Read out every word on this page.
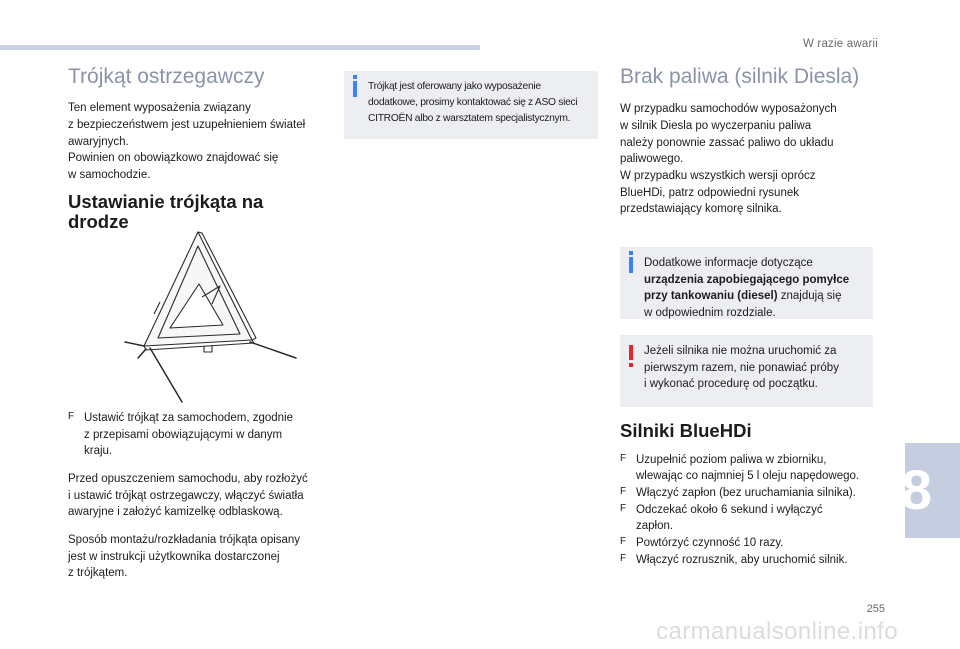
W razie awarii
8
255
carmanualsonline.info
Trójkąt ostrzegawczy

Ten element wyposażenia związany
z bezpieczeństwem jest uzupełnieniem świateł
awaryjnych.
Powinien on obowiązkowo znajdować się
w samochodzie.

Ustawianie trójkąta na
drodze
F Ustawić trójkąt za samochodem, zgodnie
z przepisami obowiązującymi w danym
kraju.

Przed opuszczeniem samochodu, aby rozłożyć
i ustawić trójkąt ostrzegawczy, włączyć światła
awaryjne i założyć kamizelkę odblaskową.

Sposób montażu/rozkładania trójkąta opisany
jest w instrukcji użytkownika dostarczonej
z trójkątem.

Trójkąt jest oferowany jako wyposażenie
dodatkowe, prosimy kontaktować się z ASO sieci
CITROËN albo z warsztatem specjalistycznym.
Brak paliwa (silnik Diesla)

W przypadku samochodów wyposażonych
w silnik Diesla po wyczerpaniu paliwa
należy ponownie zassać paliwo do układu
paliwowego.
W przypadku wszystkich wersji oprócz
BlueHDi, patrz odpowiedni rysunek
przedstawiający komorę silnika.

Dodatkowe informacje dotyczące
urządzenia zapobiegającego pomyłce
przy tankowaniu (diesel) znajdują się
w odpowiednim rozdziale.
Jeżeli silnika nie można uruchomić za
pierwszym razem, nie ponawiać próby
i wykonać procedurę od początku.
Silniki BlueHDi
F Uzupełnić poziom paliwa w zbiorniku,
wlewając co najmniej 5 l oleju napędowego.
F Włączyć zapłon (bez uruchamiania silnika).
F Odczekać około 6 sekund i wyłączyć
zapłon.
F Powtórzyć czynność 10 razy.
F Włączyć rozrusznik, aby uruchomić silnik.
